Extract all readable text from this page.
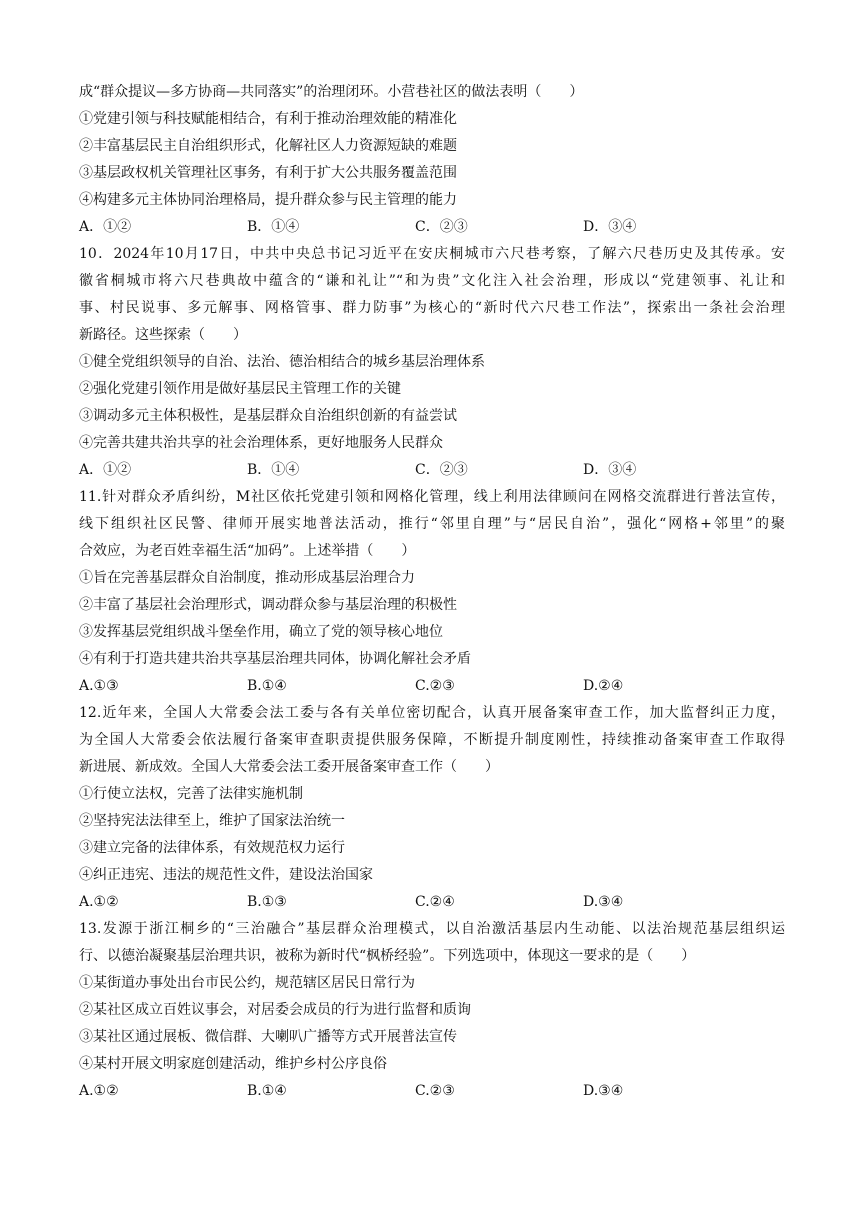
成“群众提议—多方协商—共同落实”的治理闭环。小营巷社区的做法表明（　　）
①党建引领与科技赋能相结合，有利于推动治理效能的精准化
②丰富基层民主自治组织形式，化解社区人力资源短缺的难题
③基层政权机关管理社区事务，有利于扩大公共服务覆盖范围
④构建多元主体协同治理格局，提升群众参与民主管理的能力
A．①②	B．①④	C．②③	D．③④
10．2024年10月17日，中共中央总书记习近平在安庆桐城市六尺巷考察，了解六尺巷历史及其传承。安
徽省桐城市将六尺巷典故中蕴含的“谦和礼让”“和为贵”文化注入社会治理，形成以“党建领事、礼让和
事、村民说事、多元解事、网格管事、群力防事”为核心的“新时代六尺巷工作法”，探索出一条社会治理
新路径。这些探索（　　）
①健全党组织领导的自治、法治、德治相结合的城乡基层治理体系
②强化党建引领作用是做好基层民主管理工作的关键
③调动多元主体积极性，是基层群众自治组织创新的有益尝试
④完善共建共治共享的社会治理体系，更好地服务人民群众
A．①②	B．①④	C．②③	D．③④
11.针对群众矛盾纠纷，M社区依托党建引领和网格化管理，线上利用法律顾问在网格交流群进行普法宣传，
线下组织社区民警、律师开展实地普法活动，推行“邻里自理”与“居民自治”，强化“网格+邻里”的聚
合效应，为老百姓幸福生活“加码”。上述举措（　　）
①旨在完善基层群众自治制度，推动形成基层治理合力
②丰富了基层社会治理形式，调动群众参与基层治理的积极性
③发挥基层党组织战斗堡垒作用，确立了党的领导核心地位
④有利于打造共建共治共享基层治理共同体，协调化解社会矛盾
A.①③	B.①④	C.②③	D.②④
12.近年来，全国人大常委会法工委与各有关单位密切配合，认真开展备案审查工作，加大监督纠正力度，
为全国人大常委会依法履行备案审查职责提供服务保障，不断提升制度刚性，持续推动备案审查工作取得
新进展、新成效。全国人大常委会法工委开展备案审查工作（　　）
①行使立法权，完善了法律实施机制
②坚持宪法法律至上，维护了国家法治统一
③建立完备的法律体系，有效规范权力运行
④纠正违宪、违法的规范性文件，建设法治国家
A.①②	B.①③	C.②④	D.③④
13.发源于浙江桐乡的“三治融合”基层群众治理模式，以自治激活基层内生动能、以法治规范基层组织运
行、以德治凝聚基层治理共识，被称为新时代“枫桥经验”。下列选项中，体现这一要求的是（　　）
①某街道办事处出台市民公约，规范辖区居民日常行为
②某社区成立百姓议事会，对居委会成员的行为进行监督和质询
③某社区通过展板、微信群、大喇叭广播等方式开展普法宣传
④某村开展文明家庭创建活动，维护乡村公序良俗
A.①②	B.①④	C.②③	D.③④
